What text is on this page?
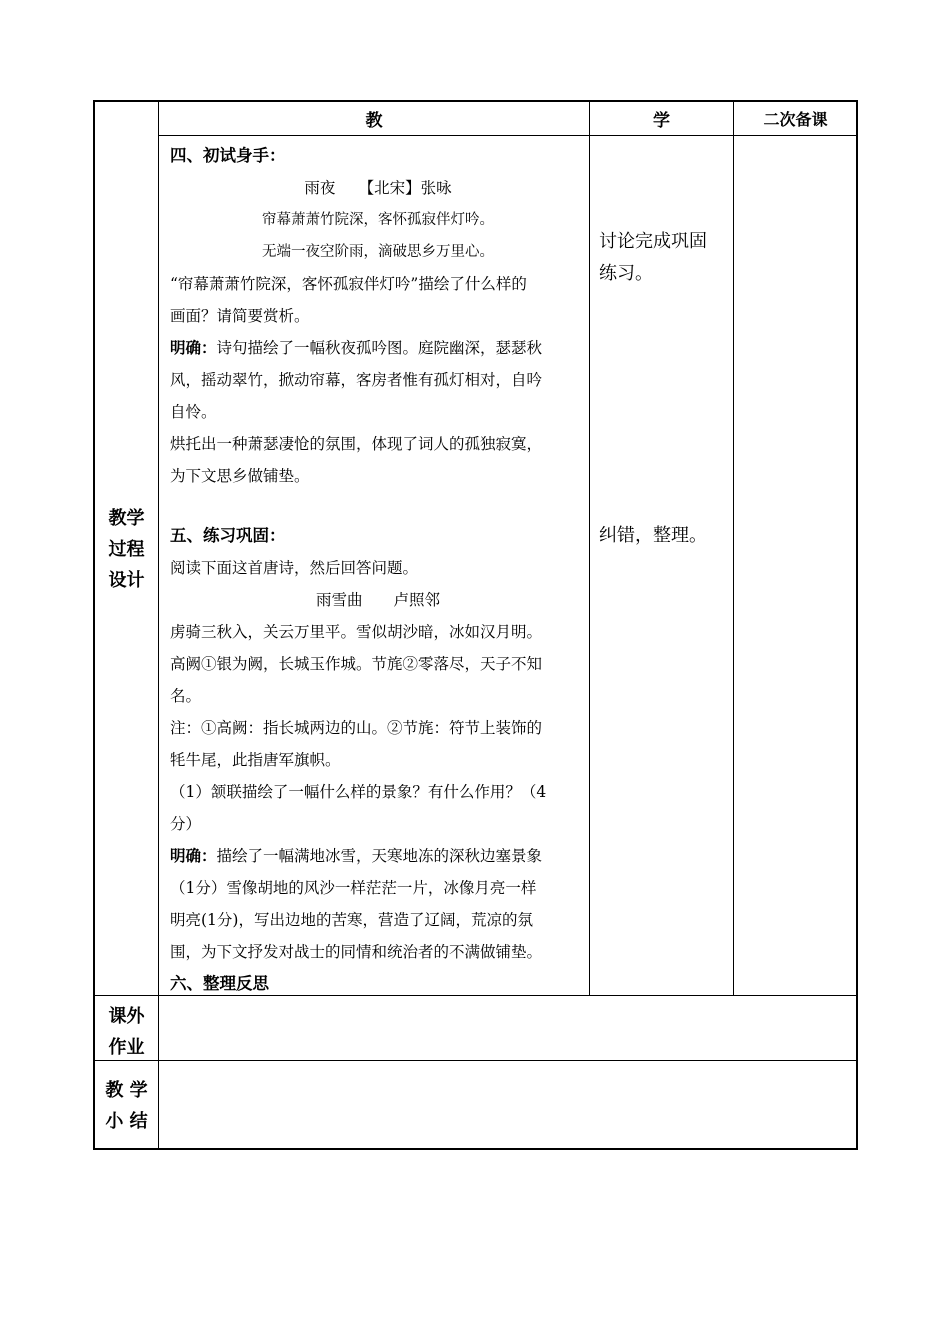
教	学	二次备课
教学
过程
设计
课外
作业
教 学
小 结

四、初试身手：

雨夜　　【北宋】张咏

帘幕萧萧竹院深，客怀孤寂伴灯吟。

无端一夜空阶雨，滴破思乡万里心。

“帘幕萧萧竹院深，客怀孤寂伴灯吟”描绘了什么样的

画面？请简要赏析。

明确：诗句描绘了一幅秋夜孤吟图。庭院幽深，瑟瑟秋

风，摇动翠竹，掀动帘幕，客房者惟有孤灯相对，自吟

自怜。

烘托出一种萧瑟凄怆的氛围，体现了词人的孤独寂寞，

为下文思乡做铺垫。

五、练习巩固：

阅读下面这首唐诗，然后回答问题。

雨雪曲　　卢照邻

虏骑三秋入，关云万里平。雪似胡沙暗，冰如汉月明。

高阙①银为阙，长城玉作城。节旄②零落尽，天子不知

名。

注：①高阙：指长城两边的山。②节旄：符节上装饰的

牦牛尾，此指唐军旗帜。

（1）颔联描绘了一幅什么样的景象？有什么作用？（4

分）

明确：描绘了一幅满地冰雪，天寒地冻的深秋边塞景象

（1分）雪像胡地的风沙一样茫茫一片，冰像月亮一样

明亮(1分)，写出边地的苦寒，营造了辽阔，荒凉的氛

围，为下文抒发对战士的同情和统治者的不满做铺垫。

六、整理反思

讨论完成巩固
练习。
纠错，整理。
